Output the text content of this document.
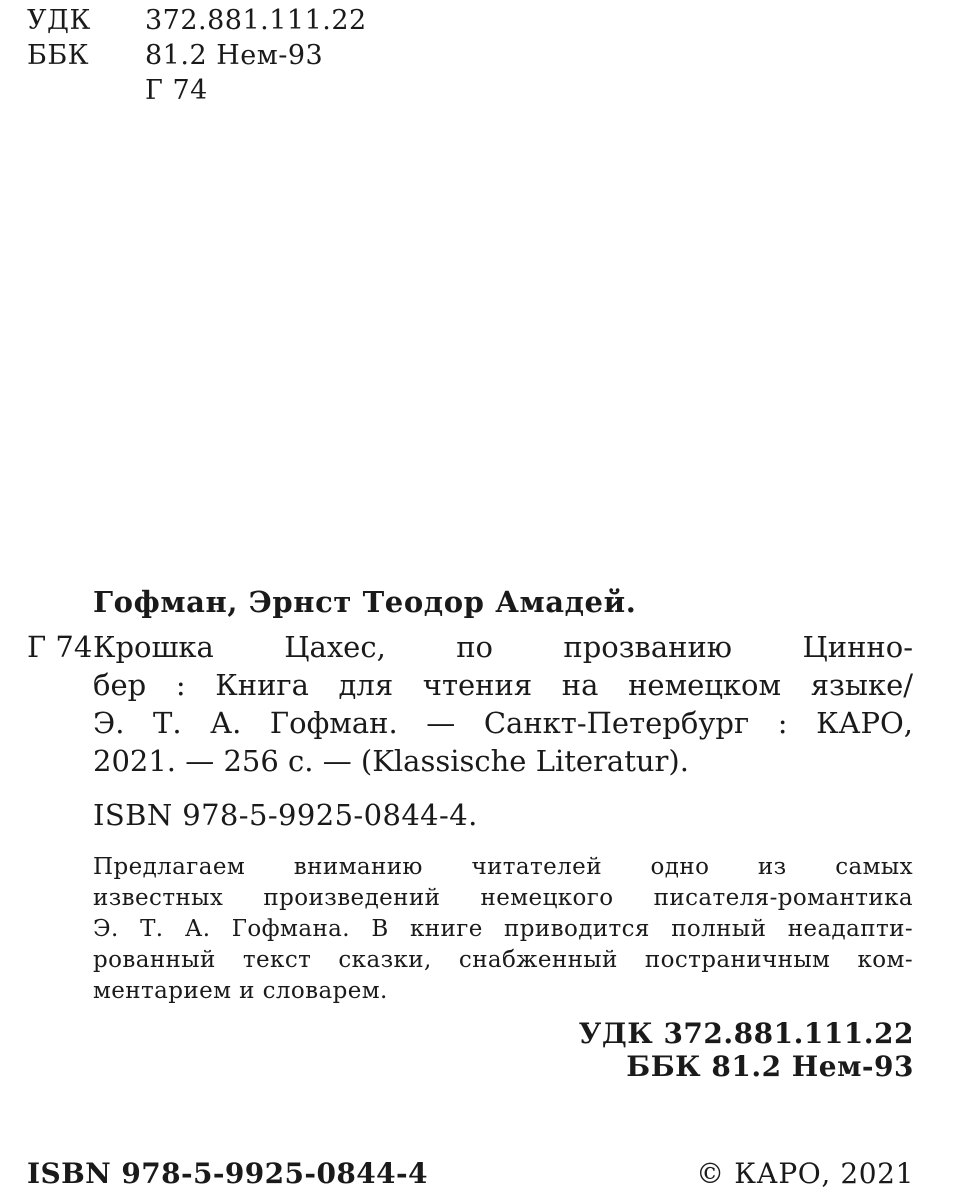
УДК 372.881.111.22
ББК 81.2 Нем-93
Г 74
Гофман, Эрнст Теодор Амадей.
Г 74 Крошка Цахес, по прозванию Цинно-
бер : Книга для чтения на немецком языке/
Э. Т. А. Гофман. — Санкт-Петербург : КАРО,
2021. — 256 с. — (Klassische Literatur).
ISBN 978-5-9925-0844-4.
Предлагаем вниманию читателей одно из самых
известных произведений немецкого писателя-романтика
Э. Т. А. Гофмана. В книге приводится полный неадапти-
рованный текст сказки, снабженный постраничным ком-
ментарием и словарем.
УДК 372.881.111.22
ББК 81.2 Нем-93
ISBN 978-5-9925-0844-4	© КАРО, 2021
